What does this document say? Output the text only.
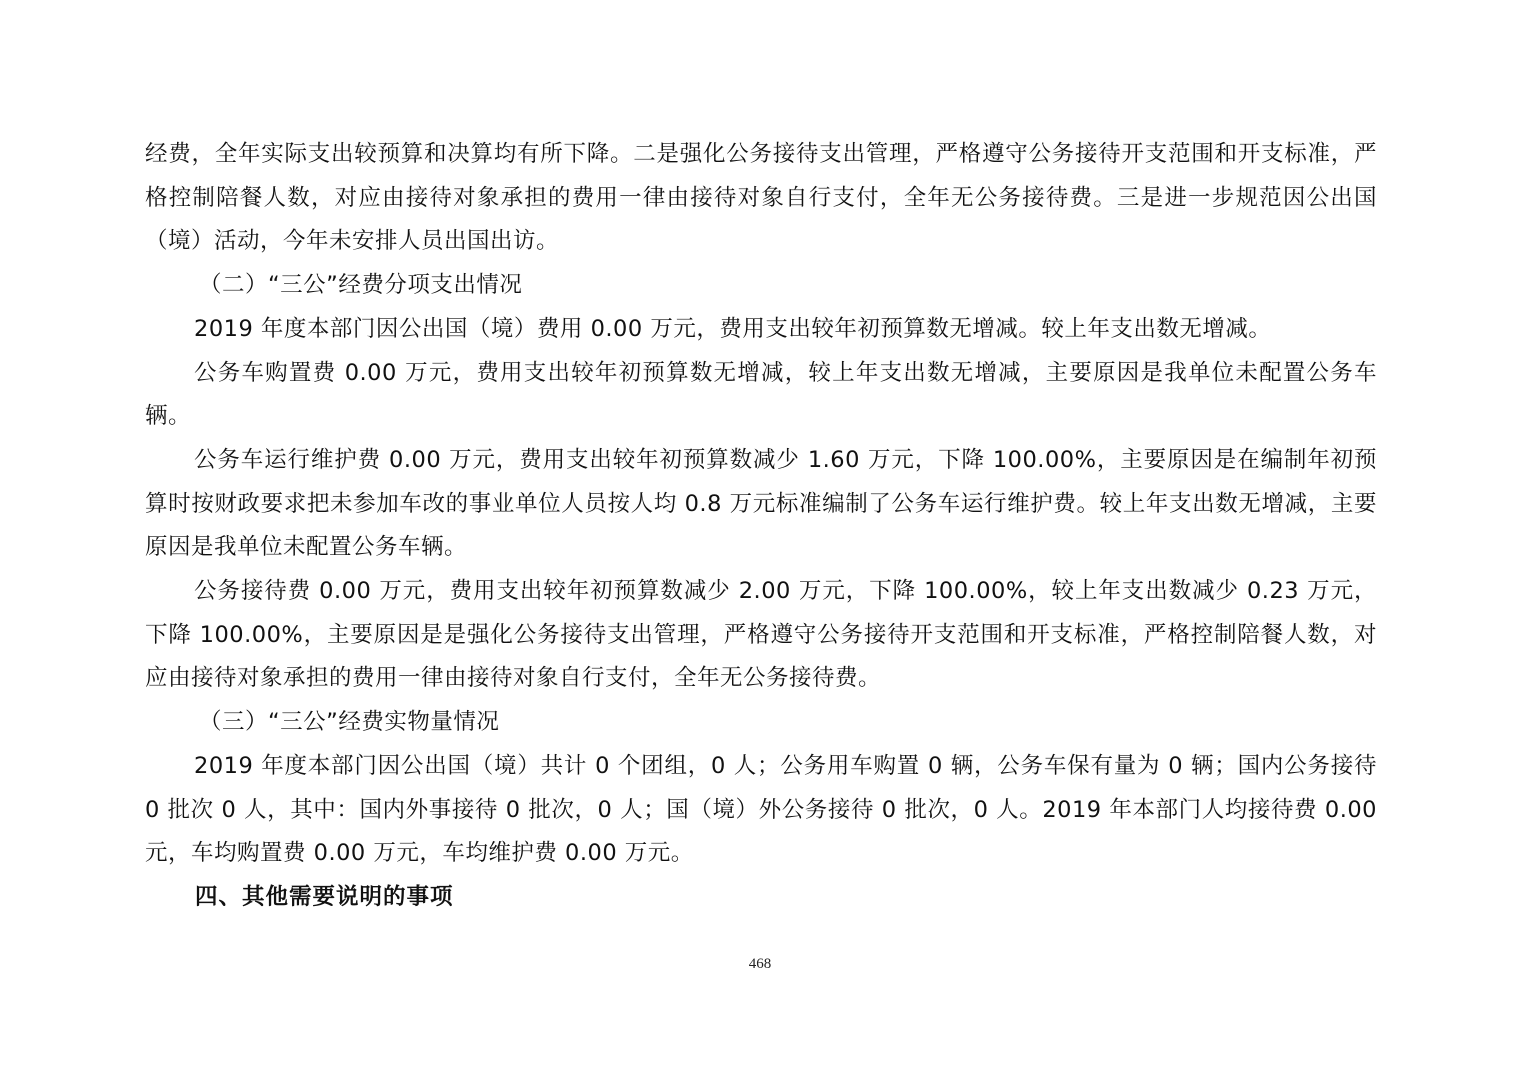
经费，全年实际支出较预算和决算均有所下降。二是强化公务接待支出管理，严格遵守公务接待开支范围和开支标准，严格控制陪餐人数，对应由接待对象承担的费用一律由接待对象自行支付，全年无公务接待费。三是进一步规范因公出国（境）活动，今年未安排人员出国出访。

（二）“三公”经费分项支出情况

2019 年度本部门因公出国（境）费用 0.00 万元，费用支出较年初预算数无增减。较上年支出数无增减。

公务车购置费 0.00 万元，费用支出较年初预算数无增减，较上年支出数无增减，主要原因是我单位未配置公务车辆。

公务车运行维护费 0.00 万元，费用支出较年初预算数减少 1.60 万元，下降 100.00%，主要原因是在编制年初预算时按财政要求把未参加车改的事业单位人员按人均 0.8 万元标准编制了公务车运行维护费。较上年支出数无增减，主要原因是我单位未配置公务车辆。

公务接待费 0.00 万元，费用支出较年初预算数减少 2.00 万元，下降 100.00%，较上年支出数减少 0.23 万元，下降 100.00%，主要原因是是强化公务接待支出管理，严格遵守公务接待开支范围和开支标准，严格控制陪餐人数，对应由接待对象承担的费用一律由接待对象自行支付，全年无公务接待费。

（三）“三公”经费实物量情况

2019 年度本部门因公出国（境）共计 0 个团组，0 人；公务用车购置 0 辆，公务车保有量为 0 辆；国内公务接待 0 批次 0 人，其中：国内外事接待 0 批次，0 人；国（境）外公务接待 0 批次，0 人。2019 年本部门人均接待费 0.00 元，车均购置费 0.00 万元，车均维护费 0.00 万元。

四、其他需要说明的事项

468
